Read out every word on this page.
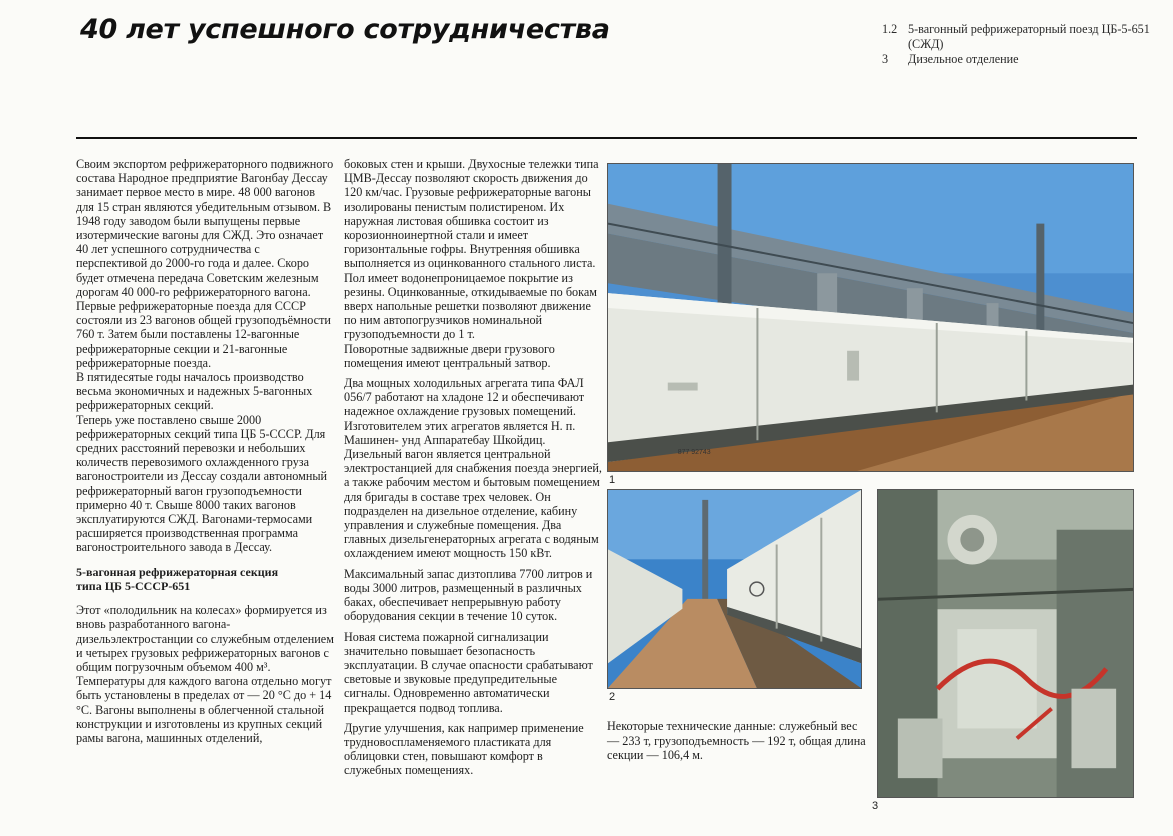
40 лет успешного сотрудничества	1.2 5-вагонный рефрижераторный поезд ЦБ-5-651 (СЖД)
3	Дизельное отделение

Своим экспортом рефрижераторного подвижного состава Народное предприятие Вагонбау Дессау занимает первое место в мире. 48 000 вагонов для 15 стран являются убедительным отзывом. В 1948 году заводом были выпущены первые изотермические вагоны для СЖД. Это означает 40 лет успешного сотрудничества с перспективой до 2000-го года и далее. Скоро будет отмечена передача Советским железным дорогам 40 000-го рефрижераторного вагона.

Первые рефрижераторные поезда для СССР состояли из 23 вагонов общей грузоподъёмности 760 т. Затем были поставлены 12-вагонные рефрижераторные секции и 21-вагонные рефрижераторные поезда.

В пятидесятые годы началось производство весьма экономичных и надежных 5-вагонных рефрижераторных секций.

Теперь уже поставлено свыше 2000 рефрижераторных секций типа ЦБ 5-СССР. Для средних расстояний перевозки и небольших количеств перевозимого охлажденного груза вагоностроители из Дессау создали автономный рефрижераторный вагон грузоподъемности примерно 40 т. Свыше 8000 таких вагонов эксплуатируются СЖД. Вагонами-термосами расширяется производственная программа вагоностроительного завода в Дессау.

5-вагонная рефрижераторная секция
типа ЦБ 5-СССР-651

Этот «полодильник на колесах» формируется из вновь разработанного вагона-дизельэлектростанции со служебным отделением и четырех грузовых рефрижераторных вагонов с общим погрузочным объемом 400 м³. Температуры для каждого вагона отдельно могут быть установлены в пределах от — 20 °С до + 14 °С. Вагоны выполнены в облегченной стальной конструкции и изготовлены из крупных секций рамы вагона, машинных отделений,

боковых стен и крыши. Двухосные тележки типа ЦМВ-Дессау позволяют скорость движения до 120 км/час. Грузовые рефрижераторные вагоны изолированы пенистым полистиреном. Их наружная листовая обшивка состоит из корозионноинертной стали и имеет горизонтальные гофры. Внутренняя обшивка выполняется из оцинкованного стального листа. Пол имеет водонепроницаемое покрытие из резины. Оцинкованные, откидываемые по бокам вверх напольные решетки позволяют движение по ним автопогрузчиков номинальной грузоподъемности до 1 т.

Поворотные задвижные двери грузового помещения имеют центральный затвор.

Два мощных холодильных агрегата типа ФАЛ 056/7 работают на хладоне 12 и обеспечивают надежное охлаждение грузовых помещений. Изготовителем этих агрегатов является Н. п. Машинен- унд Аппаратебау Шкойдиц. Дизельный вагон является центральной электростанцией для снабжения поезда энергией, а также рабочим местом и бытовым помещением для бригады в составе трех человек. Он подразделен на дизельное отделение, кабину управления и служебные помещения. Два главных дизельгенераторных агрегата с водяным охлаждением имеют мощность 150 кВт.

Максимальный запас дизтоплива 7700 литров и воды 3000 литров, размещенный в различных баках, обеспечивает непрерывную работу оборудования секции в течение 10 суток.

Новая система пожарной сигнализации значительно повышает безопасность эксплуатации. В случае опасности срабатывают световые и звуковые предупредительные сигналы. Одновременно автоматически прекращается подвод топлива.

Другие улучшения, как например применение трудновоспламеняемого пластиката для облицовки стен, повышают комфорт в служебных помещениях.

877 92743
1
2
3
Некоторые технические данные: служебный вес — 233 т, грузоподъемность — 192 т, общая длина секции — 106,4 м.
